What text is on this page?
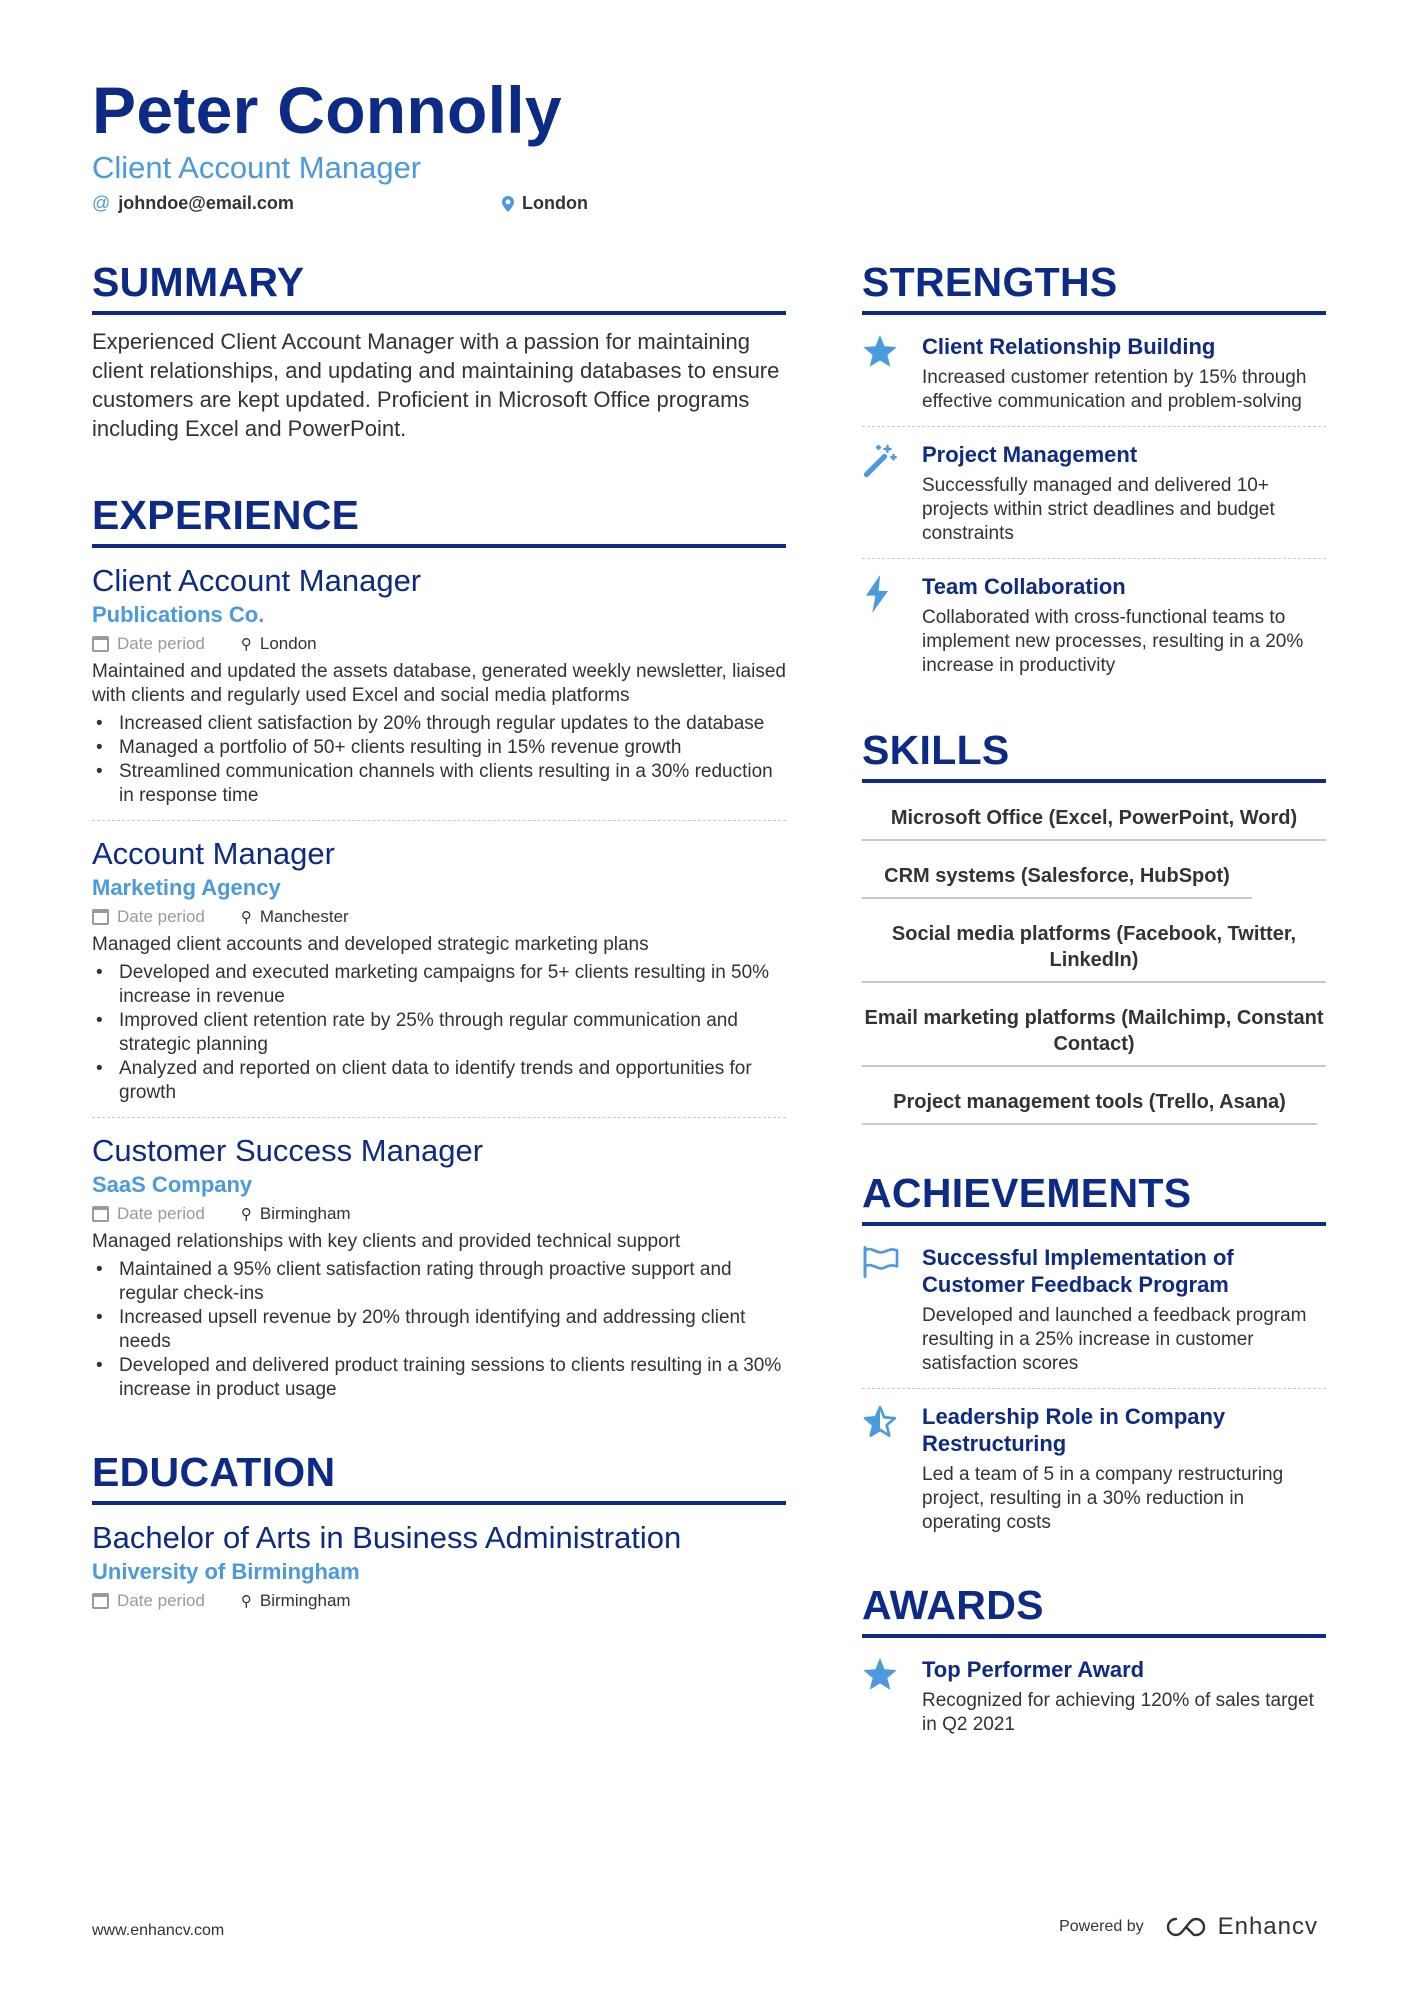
Peter Connolly
Client Account Manager
@ johndoe@email.com	London
SUMMARY

Experienced Client Account Manager with a passion for maintaining client relationships, and updating and maintaining databases to ensure customers are kept updated. Proficient in Microsoft Office programs including Excel and PowerPoint.

EXPERIENCE
Client Account Manager
Publications Co.
Date period ⚲ London

Maintained and updated the assets database, generated weekly newsletter, liaised with clients and regularly used Excel and social media platforms

• Increased client satisfaction by 20% through regular updates to the database
• Managed a portfolio of 50+ clients resulting in 15% revenue growth
• Streamlined communication channels with clients resulting in a 30% reduction in response time
Account Manager
Marketing Agency
Date period ⚲ Manchester

Managed client accounts and developed strategic marketing plans

• Developed and executed marketing campaigns for 5+ clients resulting in 50% increase in revenue
• Improved client retention rate by 25% through regular communication and strategic planning
• Analyzed and reported on client data to identify trends and opportunities for growth
Customer Success Manager
SaaS Company
Date period ⚲ Birmingham

Managed relationships with key clients and provided technical support

• Maintained a 95% client satisfaction rating through proactive support and regular check-ins
• Increased upsell revenue by 20% through identifying and addressing client needs
• Developed and delivered product training sessions to clients resulting in a 30% increase in product usage
EDUCATION
Bachelor of Arts in Business Administration
University of Birmingham
Date period ⚲ Birmingham
STRENGTHS
Client Relationship Building
Increased customer retention by 15% through effective communication and problem-solving
Project Management
Successfully managed and delivered 10+ projects within strict deadlines and budget constraints
Team Collaboration
Collaborated with cross-functional teams to implement new processes, resulting in a 20% increase in productivity
SKILLS
Microsoft Office (Excel, PowerPoint, Word)
CRM systems (Salesforce, HubSpot)
Social media platforms (Facebook, Twitter, LinkedIn)
Email marketing platforms (Mailchimp, Constant Contact)
Project management tools (Trello, Asana)
ACHIEVEMENTS
Successful Implementation of Customer Feedback Program
Developed and launched a feedback program resulting in a 25% increase in customer satisfaction scores
Leadership Role in Company Restructuring
Led a team of 5 in a company restructuring project, resulting in a 30% reduction in operating costs
AWARDS
Top Performer Award
Recognized for achieving 120% of sales target in Q2 2021
www.enhancv.com	Powered by	Enhancv
